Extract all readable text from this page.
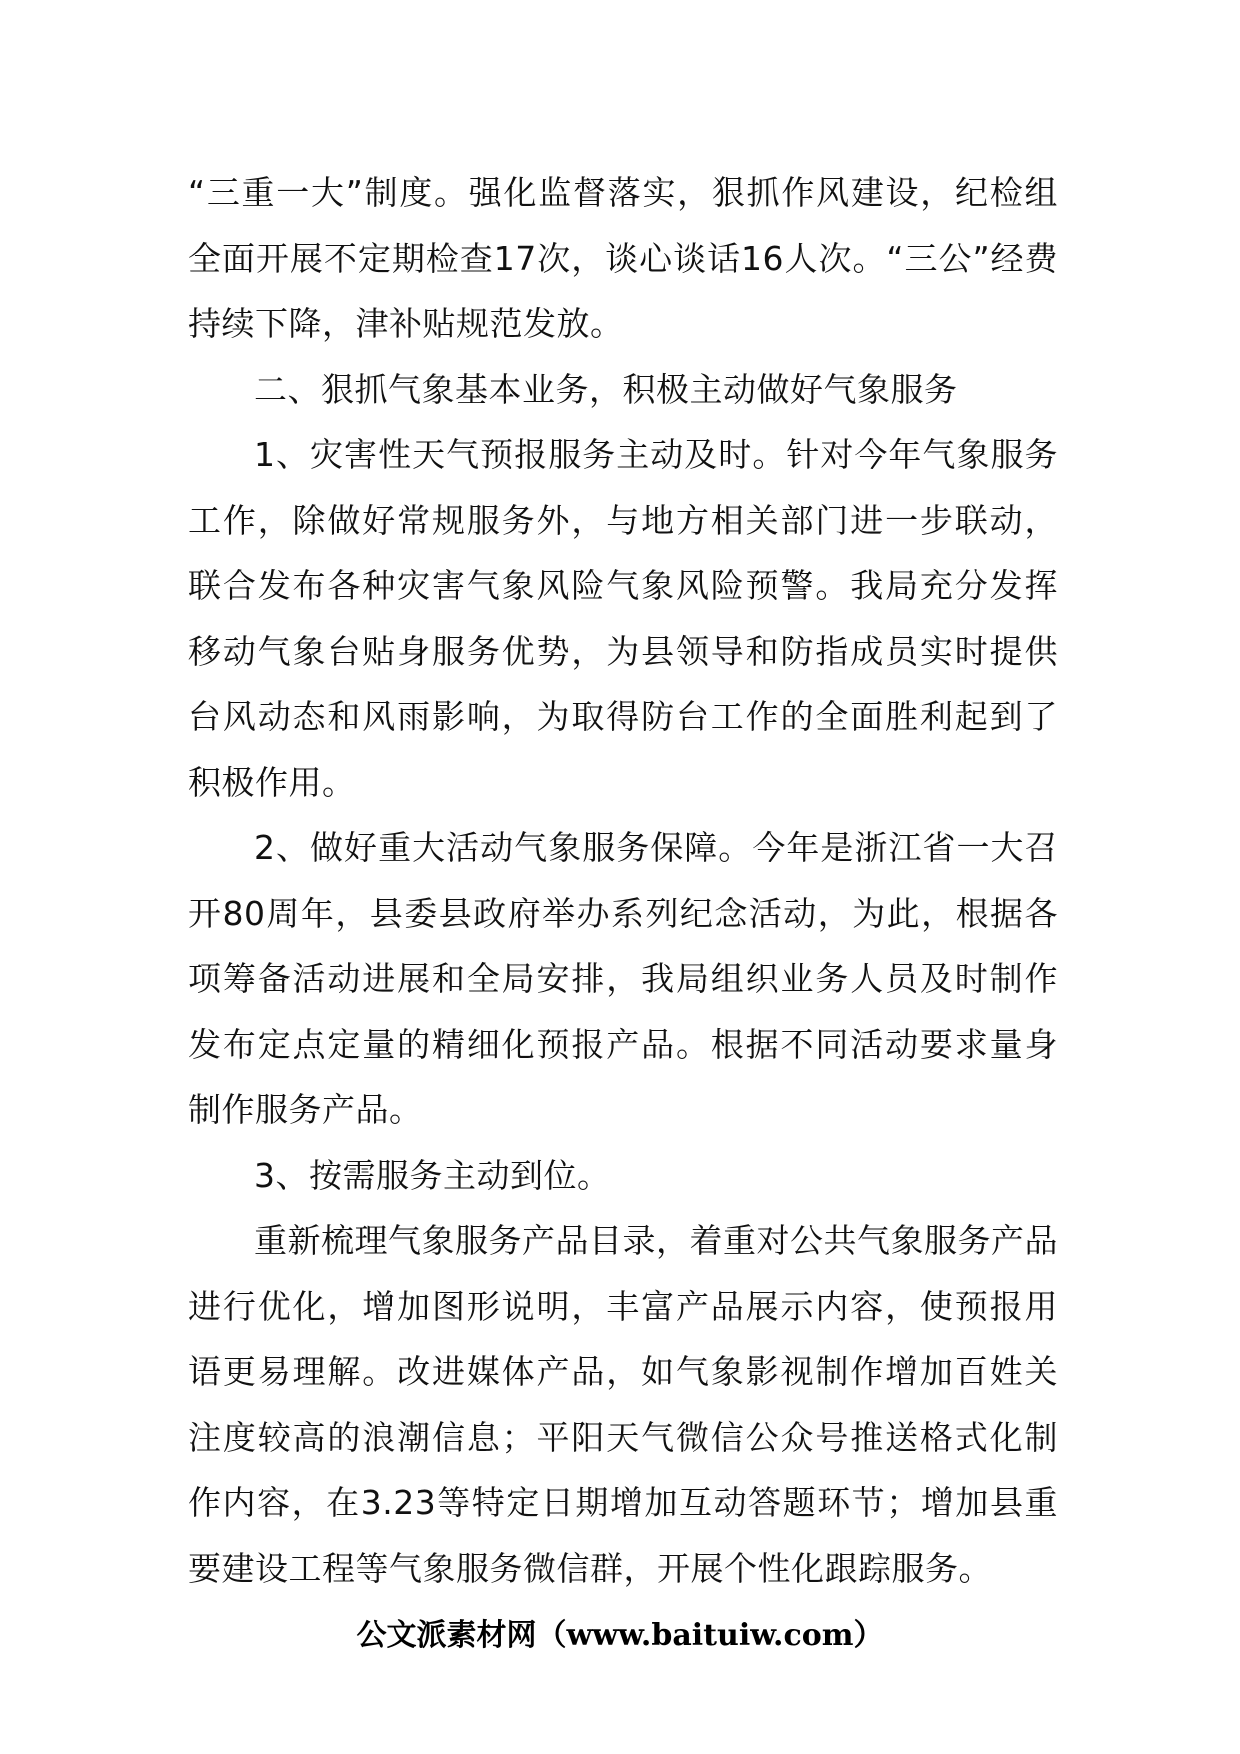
“三重一大”制度。强化监督落实，狠抓作风建设，纪检组全面开展不定期检查17次，谈心谈话16人次。“三公”经费持续下降，津补贴规范发放。

二、狠抓气象基本业务，积极主动做好气象服务

1、灾害性天气预报服务主动及时。针对今年气象服务工作，除做好常规服务外，与地方相关部门进一步联动，联合发布各种灾害气象风险气象风险预警。我局充分发挥移动气象台贴身服务优势，为县领导和防指成员实时提供台风动态和风雨影响，为取得防台工作的全面胜利起到了积极作用。

2、做好重大活动气象服务保障。今年是浙江省一大召开80周年，县委县政府举办系列纪念活动，为此，根据各项筹备活动进展和全局安排，我局组织业务人员及时制作发布定点定量的精细化预报产品。根据不同活动要求量身制作服务产品。

3、按需服务主动到位。

重新梳理气象服务产品目录，着重对公共气象服务产品进行优化，增加图形说明，丰富产品展示内容，使预报用语更易理解。改进媒体产品，如气象影视制作增加百姓关注度较高的浪潮信息；平阳天气微信公众号推送格式化制作内容，在3.23等特定日期增加互动答题环节；增加县重要建设工程等气象服务微信群，开展个性化跟踪服务。

公文派素材网（www.baituiw.com）
